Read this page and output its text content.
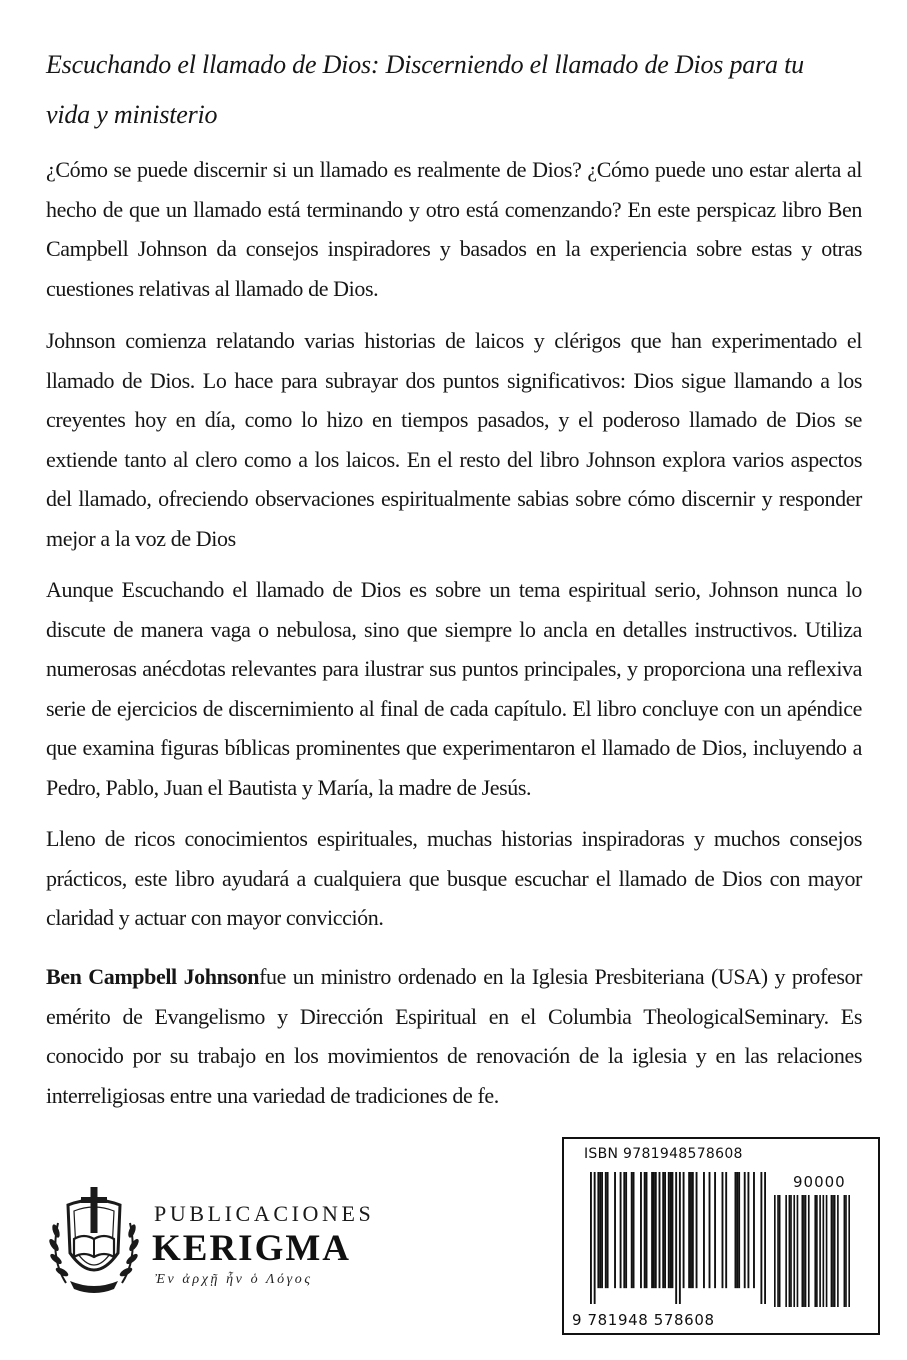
Escuchando el llamado de Dios: Discerniendo el llamado de Dios para tu
vida y ministerio

¿Cómo se puede discernir si un llamado es realmente de Dios? ¿Cómo puede uno estar alerta al hecho de que un llamado está terminando y otro está comenzando? En este perspicaz libro Ben Campbell Johnson da consejos inspiradores y basados en la experiencia sobre estas y otras cuestiones relativas al llamado de Dios.

Johnson comienza relatando varias historias de laicos y clérigos que han experimentado el llamado de Dios. Lo hace para subrayar dos puntos significativos: Dios sigue llamando a los creyentes hoy en día, como lo hizo en tiempos pasados, y el poderoso llamado de Dios se extiende tanto al clero como a los laicos. En el resto del libro Johnson explora varios aspectos del llamado, ofreciendo observaciones espiritualmente sabias sobre cómo discernir y responder mejor a la voz de Dios

Aunque Escuchando el llamado de Dios es sobre un tema espiritual serio, Johnson nunca lo discute de manera vaga o nebulosa, sino que siempre lo ancla en detalles instructivos. Utiliza numerosas anécdotas relevantes para ilustrar sus puntos principales, y proporciona una reflexiva serie de ejercicios de discernimiento al final de cada capítulo. El libro concluye con un apéndice que examina figuras bíblicas prominentes que experimentaron el llamado de Dios, incluyendo a Pedro, Pablo, Juan el Bautista y María, la madre de Jesús.

Lleno de ricos conocimientos espirituales, muchas historias inspiradoras y muchos consejos prácticos, este libro ayudará a cualquiera que busque escuchar el llamado de Dios con mayor claridad y actuar con mayor convicción.

Ben Campbell Johnsonfue un ministro ordenado en la Iglesia Presbiteriana (USA) y profesor emérito de Evangelismo y Dirección Espiritual en el Columbia TheologicalSeminary. Es conocido por su trabajo en los movimientos de renovación de la iglesia y en las relaciones interreligiosas entre una variedad de tradiciones de fe.

PUBLICACIONES
KERIGMA
Ἐν ἀρχῇ ἦν ὁ Λόγος
ISBN 9781948578608
90000
9 781948 578608
